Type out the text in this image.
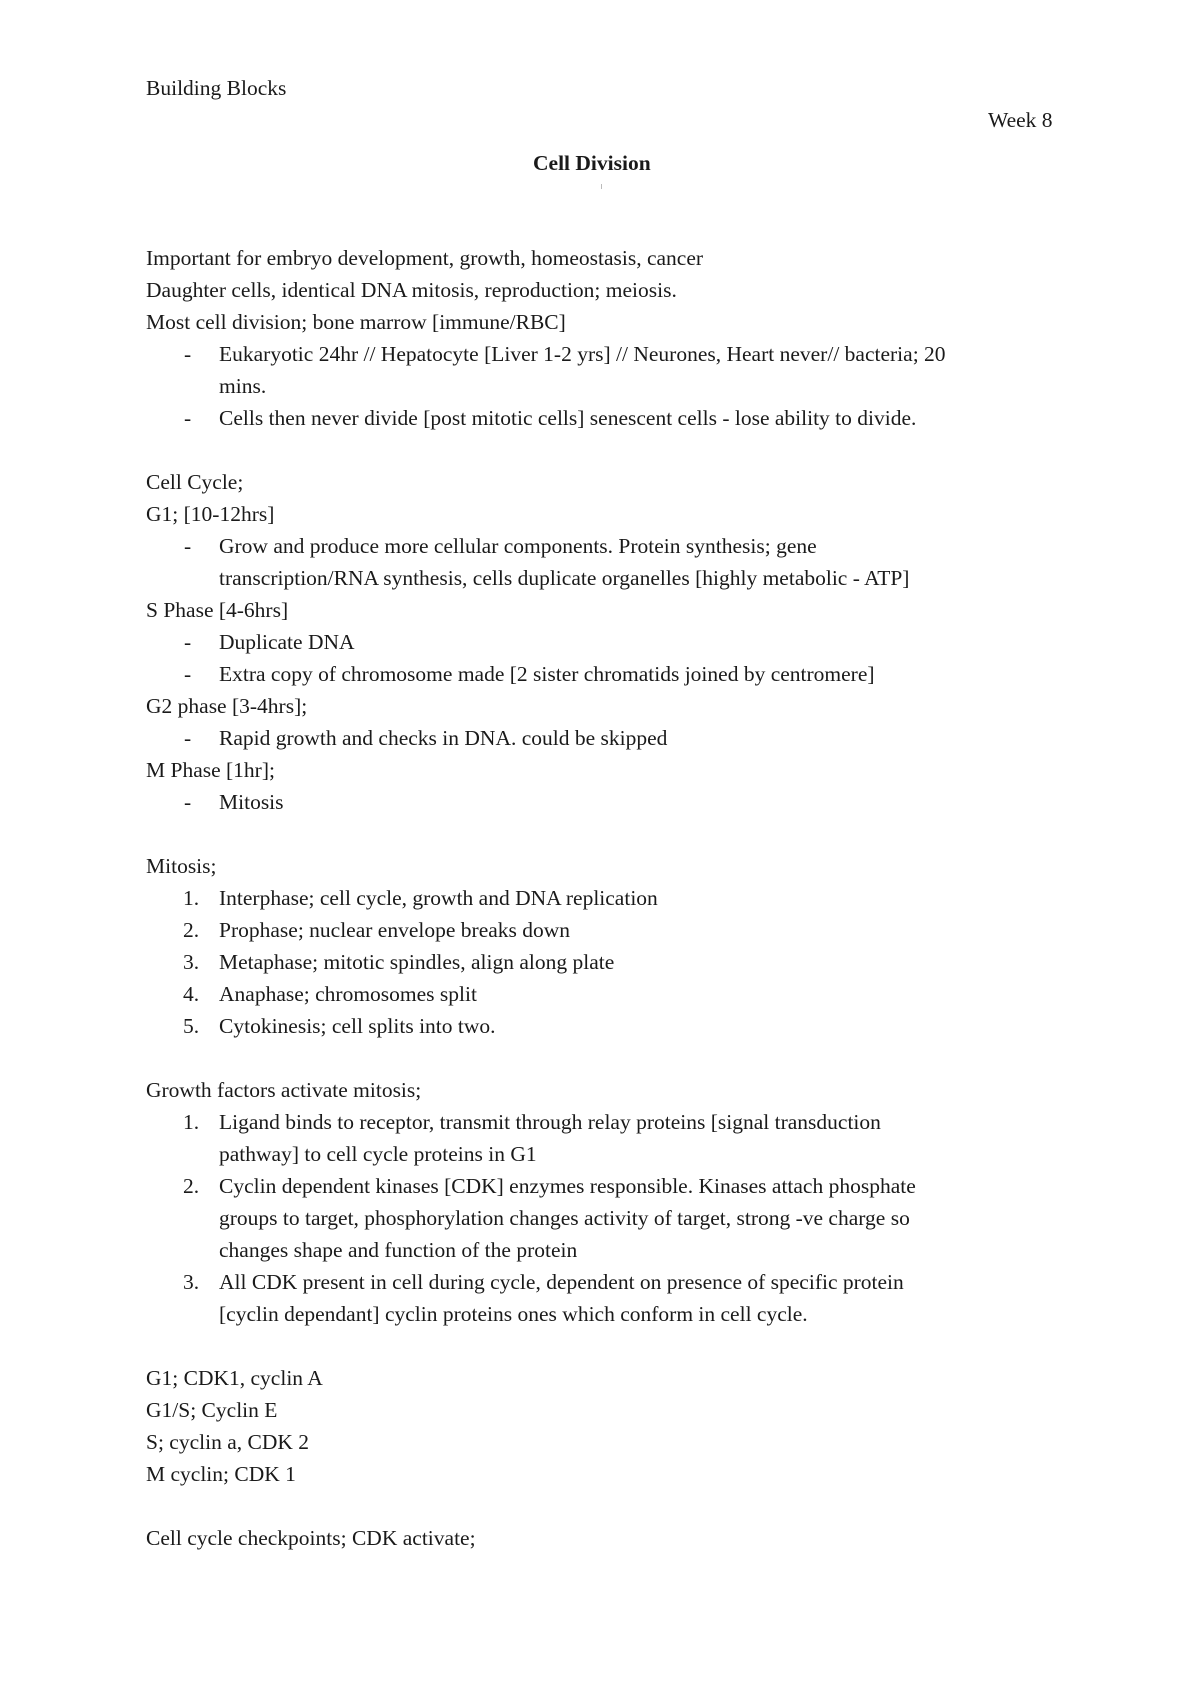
Building Blocks
Week 8
Cell Division
Important for embryo development, growth, homeostasis, cancer
Daughter cells, identical DNA mitosis, reproduction; meiosis.
Most cell division; bone marrow [immune/RBC]
- Eukaryotic 24hr // Hepatocyte [Liver 1-2 yrs] // Neurones, Heart never// bacteria; 20
mins.
- Cells then never divide [post mitotic cells] senescent cells - lose ability to divide.
Cell Cycle;
G1; [10-12hrs]
- Grow and produce more cellular components. Protein synthesis; gene
transcription/RNA synthesis, cells duplicate organelles [highly metabolic - ATP]
S Phase [4-6hrs]
- Duplicate DNA
- Extra copy of chromosome made [2 sister chromatids joined by centromere]
G2 phase [3-4hrs];
- Rapid growth and checks in DNA. could be skipped
M Phase [1hr];
- Mitosis
Mitosis;
1. Interphase; cell cycle, growth and DNA replication
2. Prophase; nuclear envelope breaks down
3. Metaphase; mitotic spindles, align along plate
4. Anaphase; chromosomes split
5. Cytokinesis; cell splits into two.
Growth factors activate mitosis;
1. Ligand binds to receptor, transmit through relay proteins [signal transduction
pathway] to cell cycle proteins in G1
2. Cyclin dependent kinases [CDK] enzymes responsible. Kinases attach phosphate
groups to target, phosphorylation changes activity of target, strong -ve charge so
changes shape and function of the protein
3. All CDK present in cell during cycle, dependent on presence of specific protein
[cyclin dependant] cyclin proteins ones which conform in cell cycle.
G1; CDK1, cyclin A
G1/S; Cyclin E
S; cyclin a, CDK 2
M cyclin; CDK 1
Cell cycle checkpoints; CDK activate;
